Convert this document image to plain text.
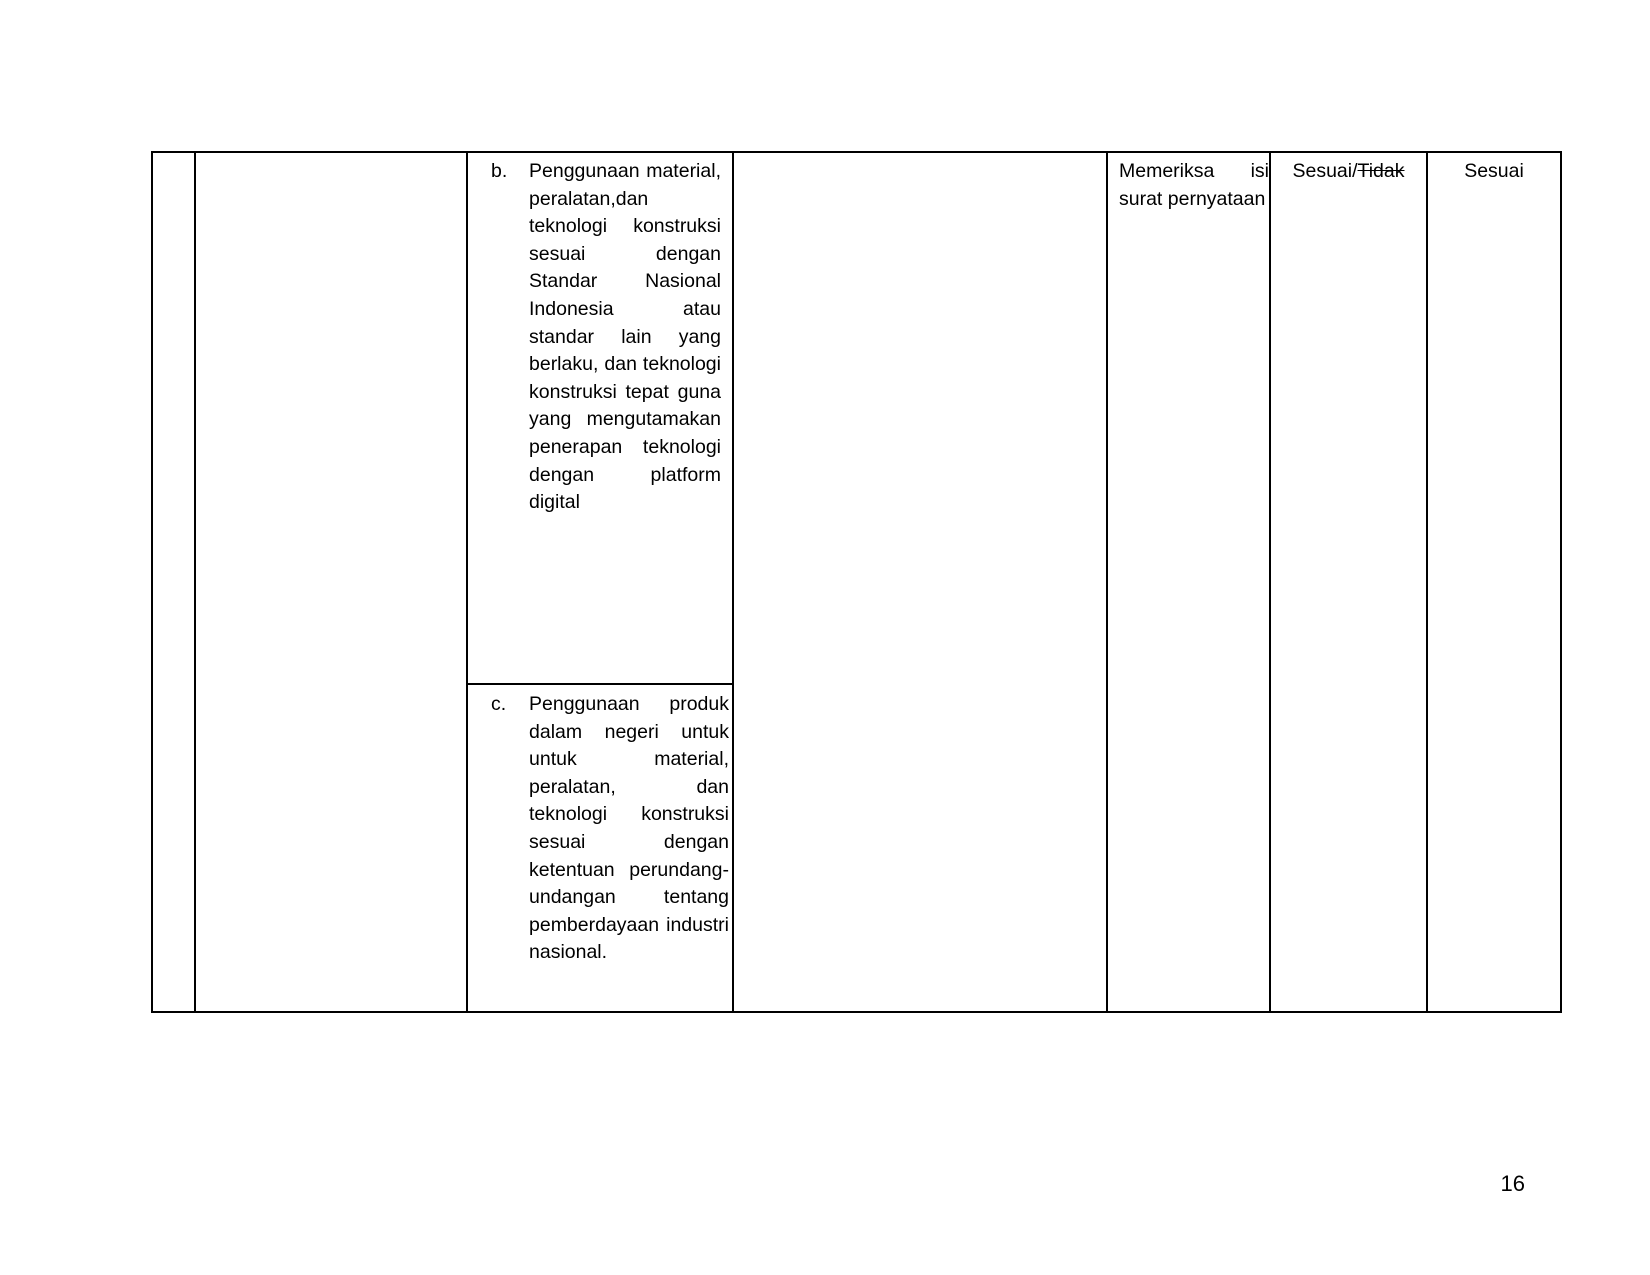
b. Penggunaan material, peralatan,dan teknologi konstruksi sesuai dengan Standar Nasional Indonesia atau standar lain yang berlaku, dan teknologi konstruksi tepat guna yang mengutamakan penerapan teknologi dengan platform digital
c. Penggunaan produk dalam negeri untuk untuk material, peralatan, dan teknologi konstruksi sesuai dengan ketentuan perundang-undangan tentang pemberdayaan industri nasional.
Memeriksa isi surat pernyataan
Sesuai/Tidak	Sesuai
16
